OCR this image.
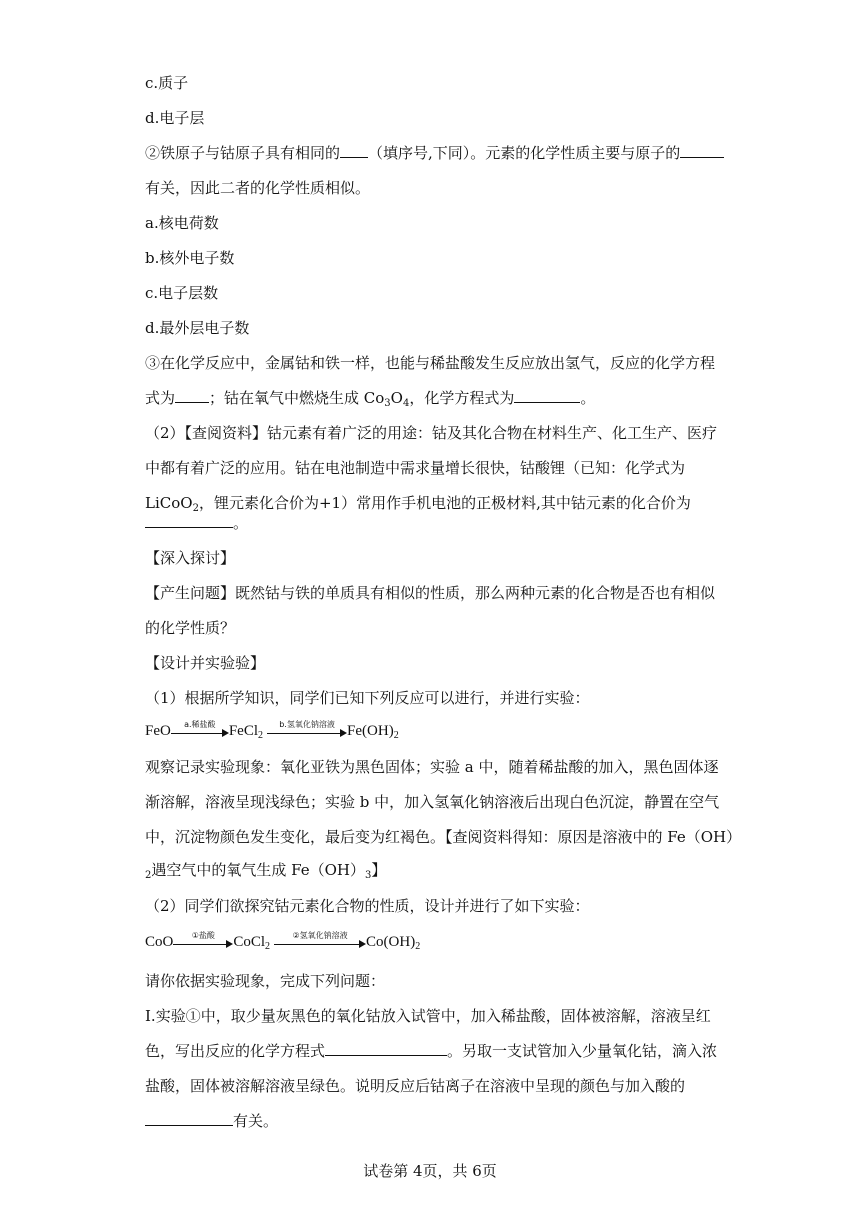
c.质子
d.电子层
②铁原子与钴原子具有相同的 （填序号,下同）。元素的化学性质主要与原子的
有关，因此二者的化学性质相似。
a.核电荷数
b.核外电子数
c.电子层数
d.最外层电子数
③在化学反应中，金属钴和铁一样，也能与稀盐酸发生反应放出氢气，反应的化学方程
式为 ；钴在氧气中燃烧生成 $Co_3O_4$，化学方程式为	。
（2）【查阅资料】钴元素有着广泛的用途：钴及其化合物在材料生产、化工生产、医疗
中都有着广泛的应用。钴在电池制造中需求量增长很快，钴酸锂（已知：化学式为
LiCoO$_2$，锂元素化合价为+1）常用作手机电池的正极材料,其中钴元素的化合价为
。
【深入探讨】
【产生问题】既然钴与铁的单质具有相似的性质，那么两种元素的化合物是否也有相似
的化学性质？
【设计并实验验】
（1）根据所学知识，同学们已知下列反应可以进行，并进行实验：
FeO	a.稀盐酸 FeCl$_2$
b.氢氧化钠溶液 $Fe(OH)_2$
观察记录实验现象：氧化亚铁为黑色固体；实验 a 中，随着稀盐酸的加入，黑色固体逐
渐溶解，溶液呈现浅绿色；实验 b 中，加入氢氧化钠溶液后出现白色沉淀，静置在空气
中，沉淀物颜色发生变化，最后变为红褐色。【查阅资料得知：原因是溶液中的 Fe（OH）
$_2$遇空气中的氧气生成 $Fe(OH)_3$】
（2）同学们欲探究钴元素化合物的性质，设计并进行了如下实验：
CoO	①盐酸	CoCl$_2$
②氢氧化钠溶液	$Co(OH)_2$
请你依据实验现象，完成下列问题：
I.实验①中，取少量灰黑色的氧化钴放入试管中，加入稀盐酸，固体被溶解，溶液呈红
色，写出反应的化学方程式	。另取一支试管加入少量氧化钴，滴入浓
盐酸，固体被溶解溶液呈绿色。说明反应后钴离子在溶液中呈现的颜色与加入酸的
有关。
试卷第 4页，共 6页
